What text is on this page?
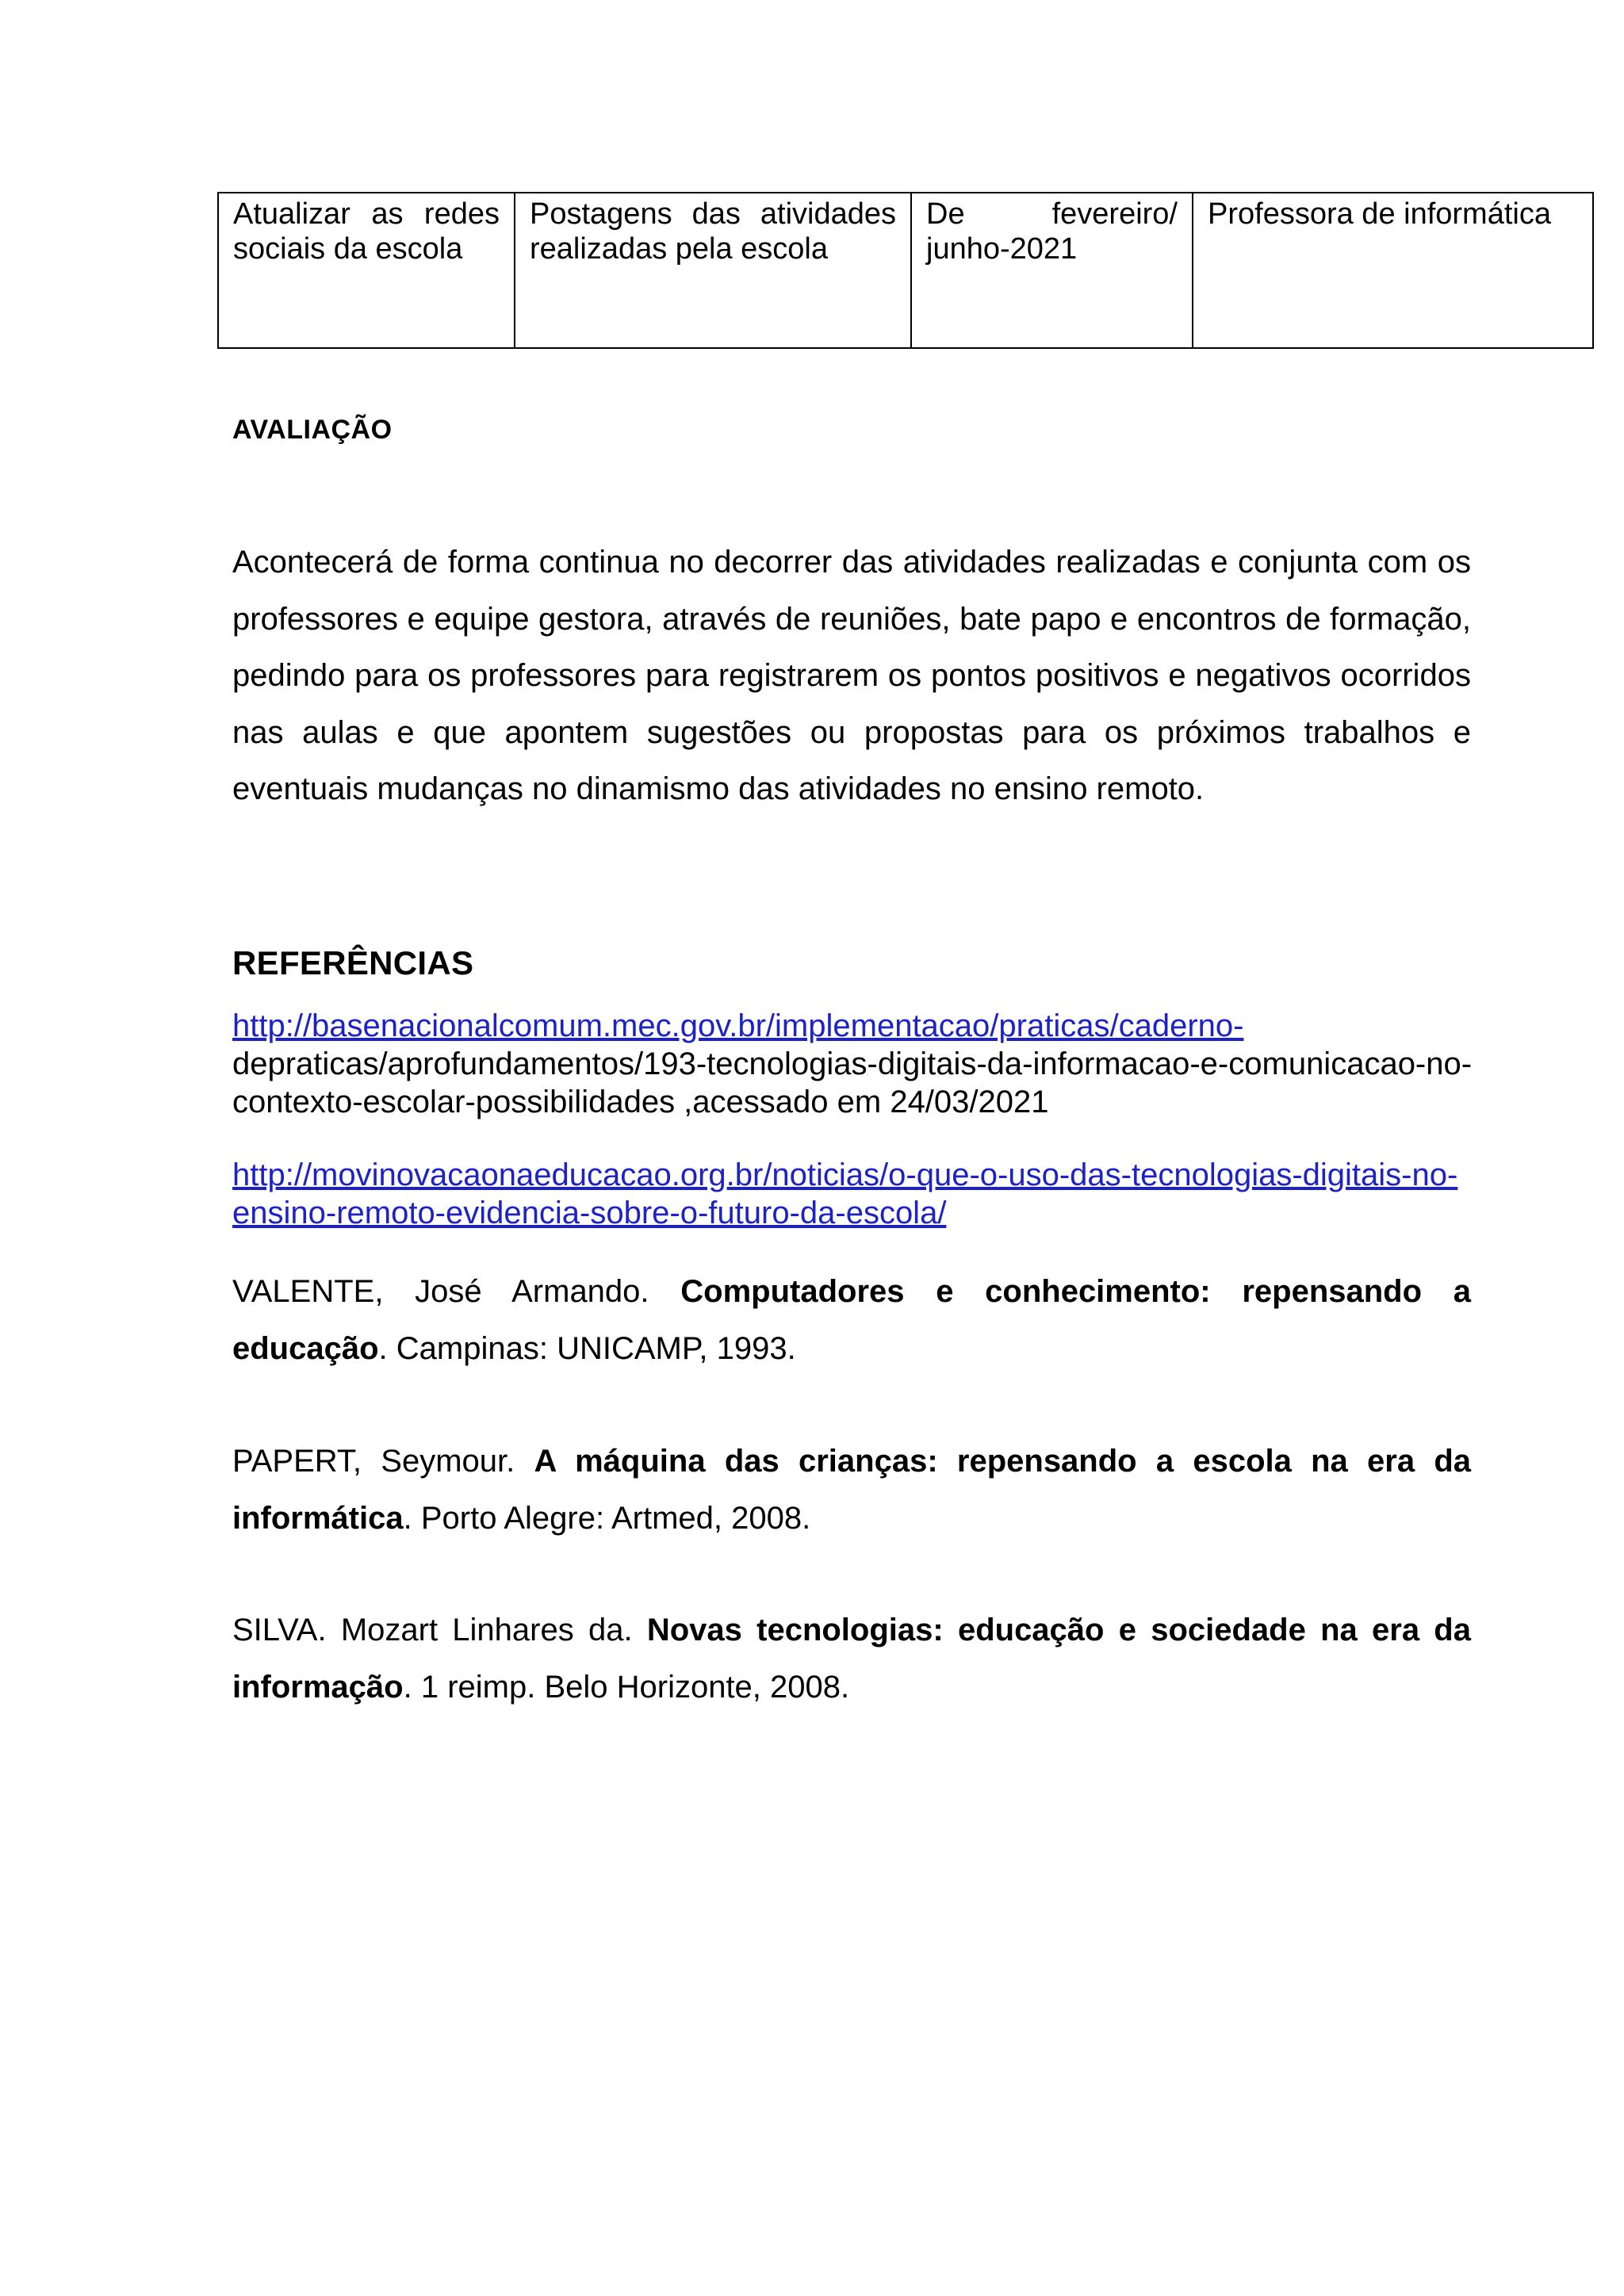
Atualizar as redes sociais da escola	Postagens das atividades realizadas pela escola	De fevereiro/ junho-2021	Professora de informática
AVALIAÇÃO
Acontecerá de forma continua no decorrer das atividades realizadas e conjunta com os professores e equipe gestora, através de reuniões, bate papo e encontros de formação, pedindo para os professores para registrarem os pontos positivos e negativos ocorridos nas aulas e que apontem sugestões ou propostas para os próximos trabalhos e eventuais mudanças no dinamismo das atividades no ensino remoto.
REFERÊNCIAS
http://basenacionalcomum.mec.gov.br/implementacao/praticas/caderno-
depraticas/aprofundamentos/193-tecnologias-digitais-da-informacao-e-comunicacao-no-contexto-escolar-possibilidades ,acessado em 24/03/2021
http://movinovacaonaeducacao.org.br/noticias/o-que-o-uso-das-tecnologias-digitais-no-ensino-remoto-evidencia-sobre-o-futuro-da-escola/
VALENTE, José Armando. Computadores e conhecimento: repensando a educação. Campinas: UNICAMP, 1993.
PAPERT, Seymour. A máquina das crianças: repensando a escola na era da informática. Porto Alegre: Artmed, 2008.
SILVA. Mozart Linhares da. Novas tecnologias: educação e sociedade na era da informação. 1 reimp. Belo Horizonte, 2008.
